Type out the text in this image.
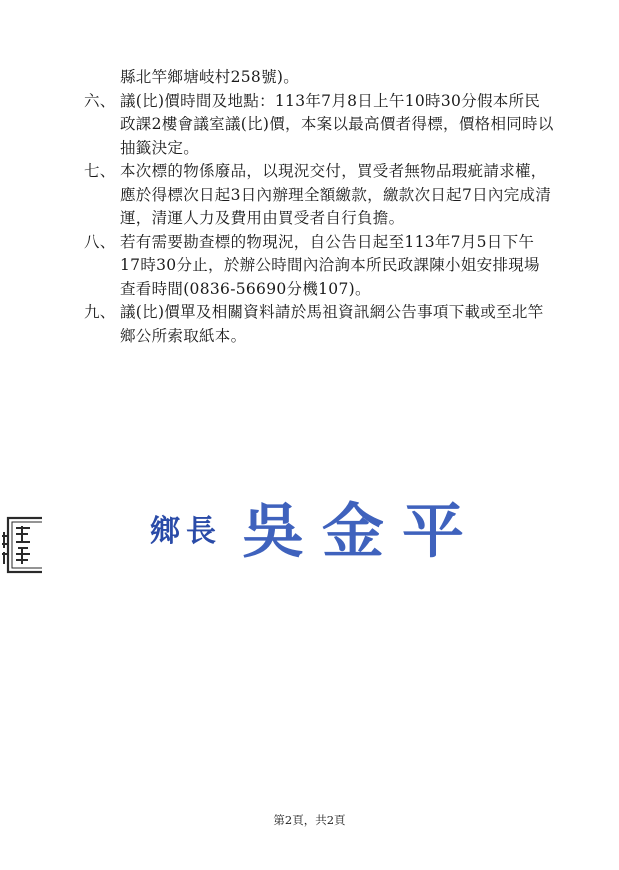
縣北竿鄉塘岐村258號)。
六、 議(比)價時間及地點：113年7月8日上午10時30分假本所民政課2樓會議室議(比)價，本案以最高價者得標，價格相同時以抽籤決定。
七、 本次標的物係廢品，以現況交付，買受者無物品瑕疵請求權，應於得標次日起3日內辦理全額繳款，繳款次日起7日內完成清運，清運人力及費用由買受者自行負擔。
八、 若有需要勘查標的物現況，自公告日起至113年7月5日下午17時30分止，於辦公時間內洽詢本所民政課陳小姐安排現場查看時間(0836-56690分機107)。
九、 議(比)價單及相關資料請於馬祖資訊網公告事項下載或至北竿鄉公所索取紙本。
鄉長 吳金平
第2頁，共2頁
